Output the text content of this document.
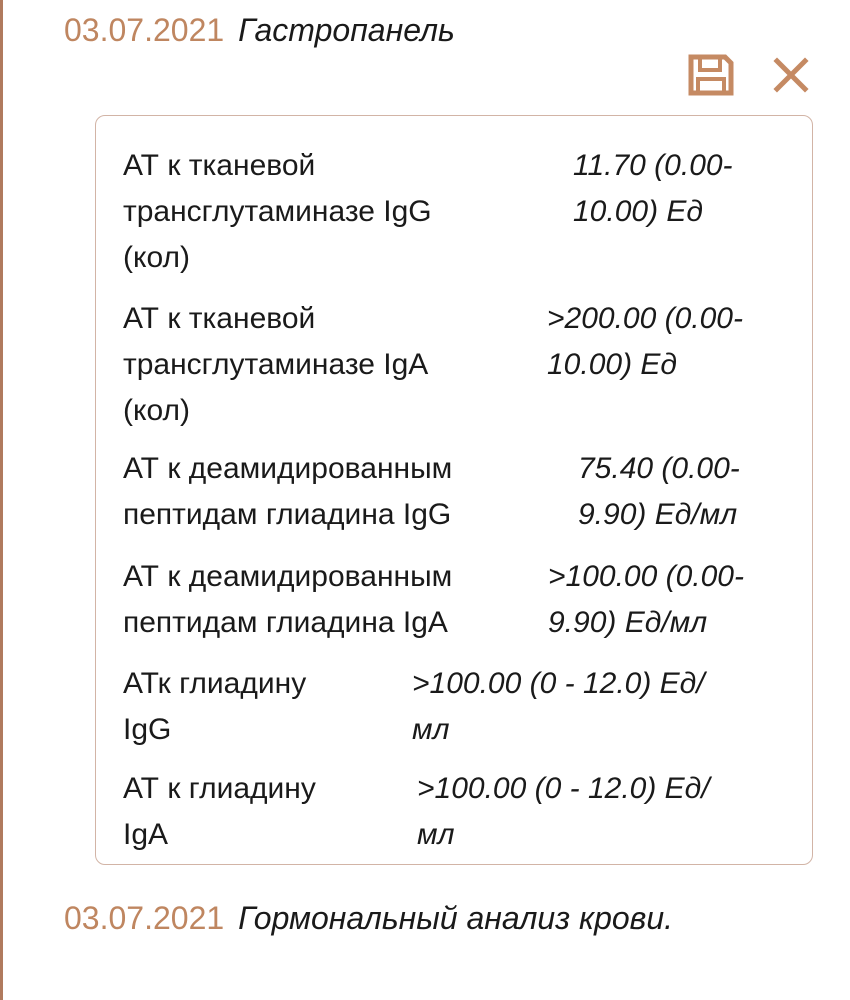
03.07.2021 Гастропанель
АТ к тканевой
трансглутаминазе IgG
(кол)
11.70 (0.00-
10.00) Ед
АТ к тканевой
трансглутаминазе IgA
(кол)
>200.00 (0.00-
10.00) Ед
АТ к деамидированным
пептидам глиадина IgG
75.40 (0.00-
9.90) Ед/мл
АТ к деамидированным
пептидам глиадина IgA
>100.00 (0.00-
9.90) Ед/мл
АТк глиадину
IgG
>100.00 (0 - 12.0) Ед/
мл
АТ к глиадину
IgA
>100.00 (0 - 12.0) Ед/
мл
03.07.2021 Гормональный анализ крови.
